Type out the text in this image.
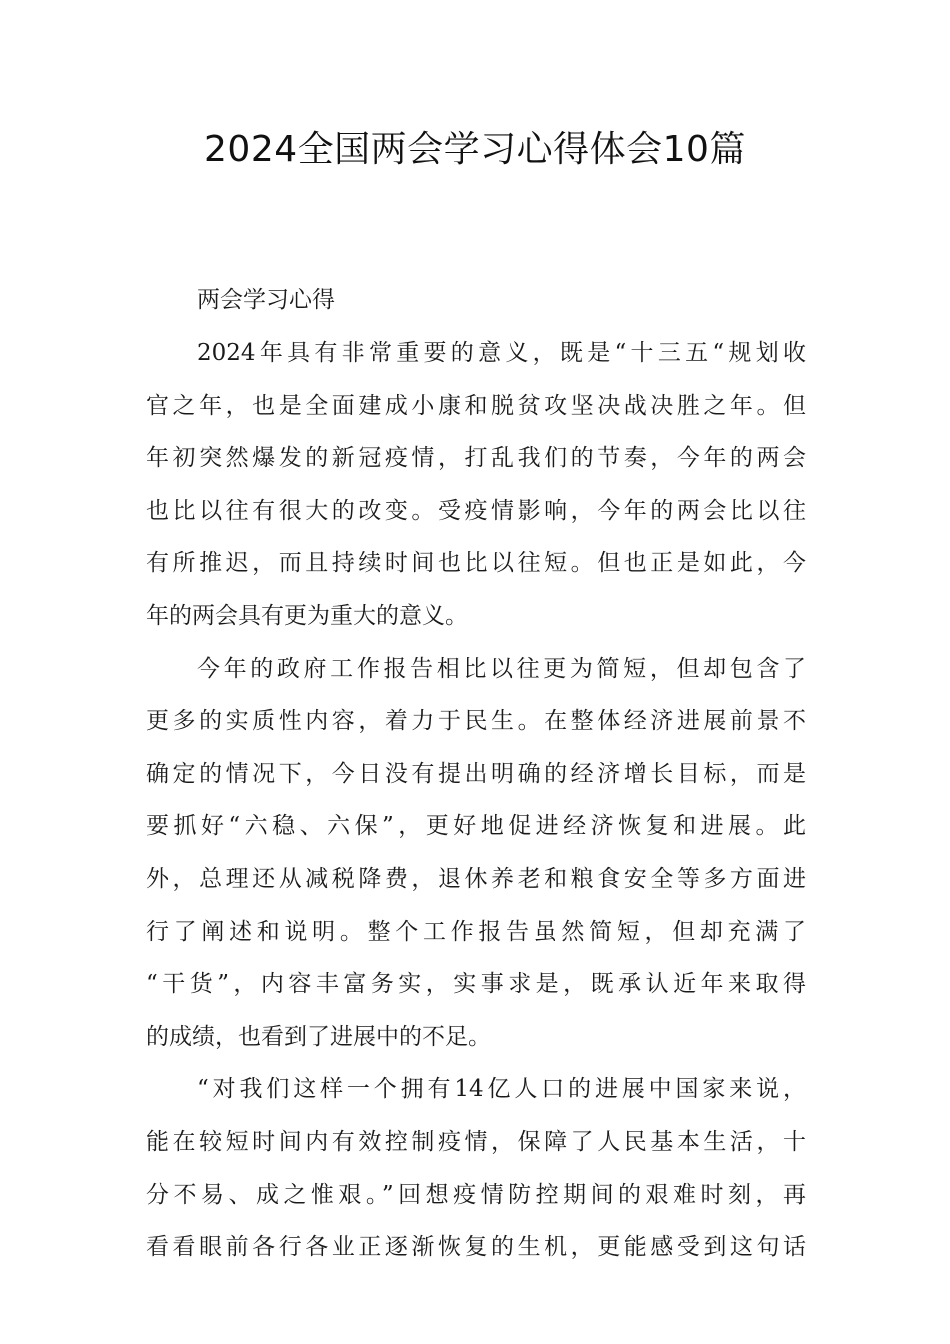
2024全国两会学习心得体会10篇

两会学习心得

2024年具有非常重要的意义，既是“十三五“规划收
官之年，也是全面建成小康和脱贫攻坚决战决胜之年。但
年初突然爆发的新冠疫情，打乱我们的节奏，今年的两会
也比以往有很大的改变。受疫情影响，今年的两会比以往
有所推迟，而且持续时间也比以往短。但也正是如此，今
年的两会具有更为重大的意义。
今年的政府工作报告相比以往更为简短，但却包含了
更多的实质性内容，着力于民生。在整体经济进展前景不
确定的情况下，今日没有提出明确的经济增长目标，而是
要抓好“六稳、六保”，更好地促进经济恢复和进展。此
外，总理还从减税降费，退休养老和粮食安全等多方面进
行了阐述和说明。整个工作报告虽然简短，但却充满了
“干货”，内容丰富务实，实事求是，既承认近年来取得
的成绩，也看到了进展中的不足。
“对我们这样一个拥有14亿人口的进展中国家来说，
能在较短时间内有效控制疫情，保障了人民基本生活，十
分不易、成之惟艰。”回想疫情防控期间的艰难时刻，再
看看眼前各行各业正逐渐恢复的生机，更能感受到这句话
